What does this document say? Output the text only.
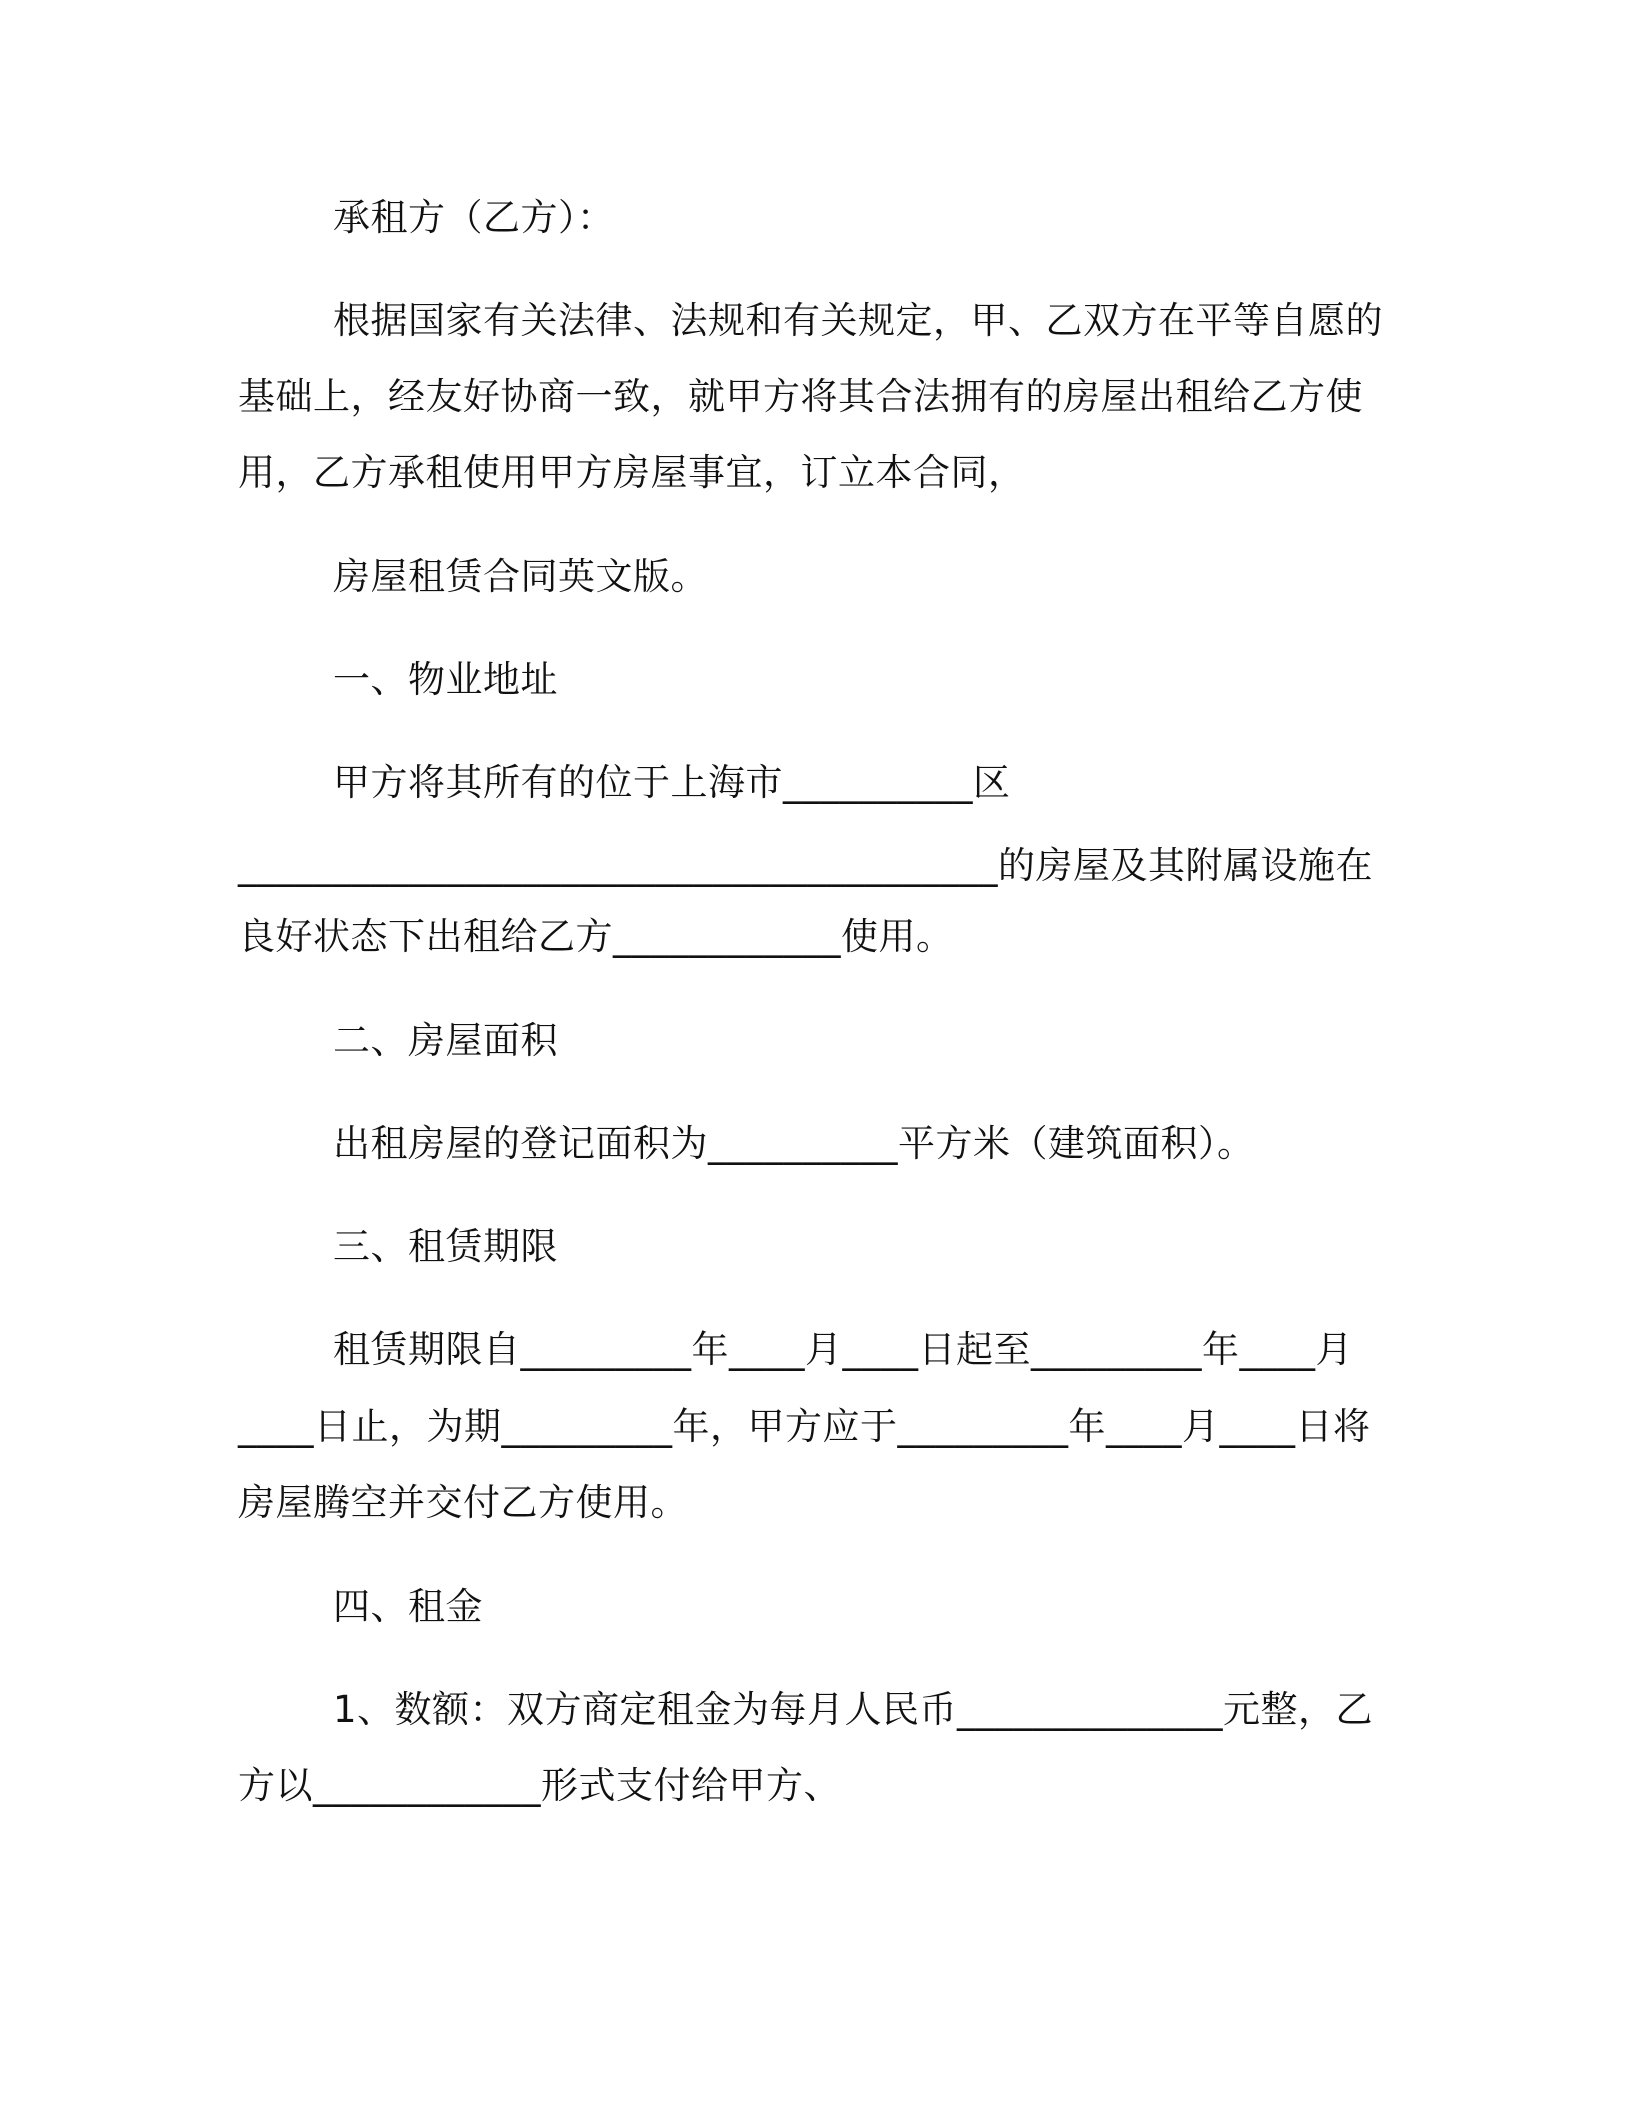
承租方（乙方）：

根据国家有关法律、法规和有关规定，甲、乙双方在平等自愿的

基础上，经友好协商一致，就甲方将其合法拥有的房屋出租给乙方使

用，乙方承租使用甲方房屋事宜，订立本合同，

房屋租赁合同英文版。

一、物业地址

甲方将其所有的位于上海市__________区

________________________________________的房屋及其附属设施在

良好状态下出租给乙方____________使用。

二、房屋面积

出租房屋的登记面积为__________平方米（建筑面积）。

三、租赁期限

租赁期限自_________年____月____日起至_________年____月

____日止，为期_________年，甲方应于_________年____月____日将

房屋腾空并交付乙方使用。

四、租金

1、数额：双方商定租金为每月人民币______________元整，乙

方以____________形式支付给甲方、
